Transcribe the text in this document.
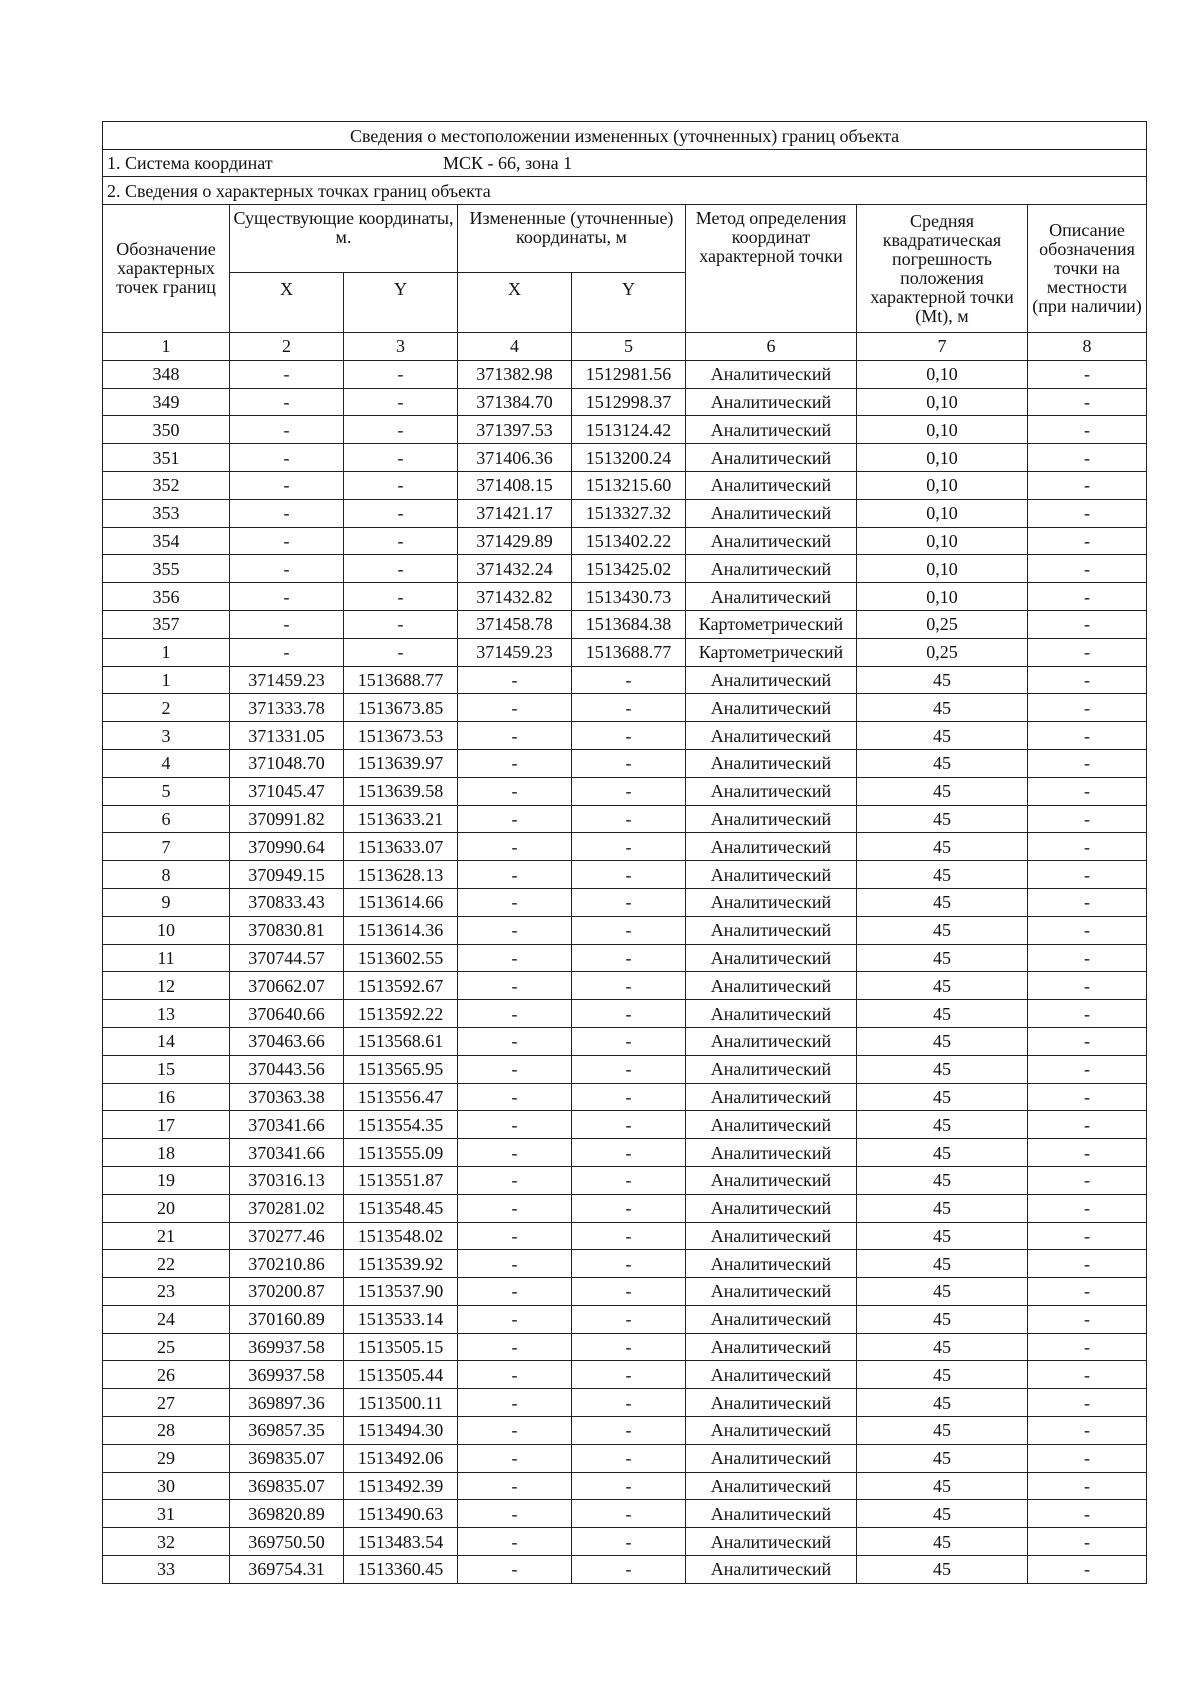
Сведения о местоположении измененных (уточненных) границ объекта							
1. Система координат МСК - 66, зона 1							
2. Сведения о характерных точках границ объекта							
Обозначение характерных точек границ	Существующие координаты, м.		Измененные (уточненные) координаты, м		Метод определения координат характерной точки	Средняя квадратическая погрешность положения характерной точки (Mt), м	Описание обозначения точки на местности (при наличии)
	X	Y	X	Y			
1	2	3	4	5	6	7	8
348	-	-	371382.98	1512981.56	Аналитический	0,10	-
349	-	-	371384.70	1512998.37	Аналитический	0,10	-
350	-	-	371397.53	1513124.42	Аналитический	0,10	-
351	-	-	371406.36	1513200.24	Аналитический	0,10	-
352	-	-	371408.15	1513215.60	Аналитический	0,10	-
353	-	-	371421.17	1513327.32	Аналитический	0,10	-
354	-	-	371429.89	1513402.22	Аналитический	0,10	-
355	-	-	371432.24	1513425.02	Аналитический	0,10	-
356	-	-	371432.82	1513430.73	Аналитический	0,10	-
357	-	-	371458.78	1513684.38	Картометрический	0,25	-
1	-	-	371459.23	1513688.77	Картометрический	0,25	-
1	371459.23	1513688.77	-	-	Аналитический	45	-
2	371333.78	1513673.85	-	-	Аналитический	45	-
3	371331.05	1513673.53	-	-	Аналитический	45	-
4	371048.70	1513639.97	-	-	Аналитический	45	-
5	371045.47	1513639.58	-	-	Аналитический	45	-
6	370991.82	1513633.21	-	-	Аналитический	45	-
7	370990.64	1513633.07	-	-	Аналитический	45	-
8	370949.15	1513628.13	-	-	Аналитический	45	-
9	370833.43	1513614.66	-	-	Аналитический	45	-
10	370830.81	1513614.36	-	-	Аналитический	45	-
11	370744.57	1513602.55	-	-	Аналитический	45	-
12	370662.07	1513592.67	-	-	Аналитический	45	-
13	370640.66	1513592.22	-	-	Аналитический	45	-
14	370463.66	1513568.61	-	-	Аналитический	45	-
15	370443.56	1513565.95	-	-	Аналитический	45	-
16	370363.38	1513556.47	-	-	Аналитический	45	-
17	370341.66	1513554.35	-	-	Аналитический	45	-
18	370341.66	1513555.09	-	-	Аналитический	45	-
19	370316.13	1513551.87	-	-	Аналитический	45	-
20	370281.02	1513548.45	-	-	Аналитический	45	-
21	370277.46	1513548.02	-	-	Аналитический	45	-
22	370210.86	1513539.92	-	-	Аналитический	45	-
23	370200.87	1513537.90	-	-	Аналитический	45	-
24	370160.89	1513533.14	-	-	Аналитический	45	-
25	369937.58	1513505.15	-	-	Аналитический	45	-
26	369937.58	1513505.44	-	-	Аналитический	45	-
27	369897.36	1513500.11	-	-	Аналитический	45	-
28	369857.35	1513494.30	-	-	Аналитический	45	-
29	369835.07	1513492.06	-	-	Аналитический	45	-
30	369835.07	1513492.39	-	-	Аналитический	45	-
31	369820.89	1513490.63	-	-	Аналитический	45	-
32	369750.50	1513483.54	-	-	Аналитический	45	-
33	369754.31	1513360.45	-	-	Аналитический	45	-
